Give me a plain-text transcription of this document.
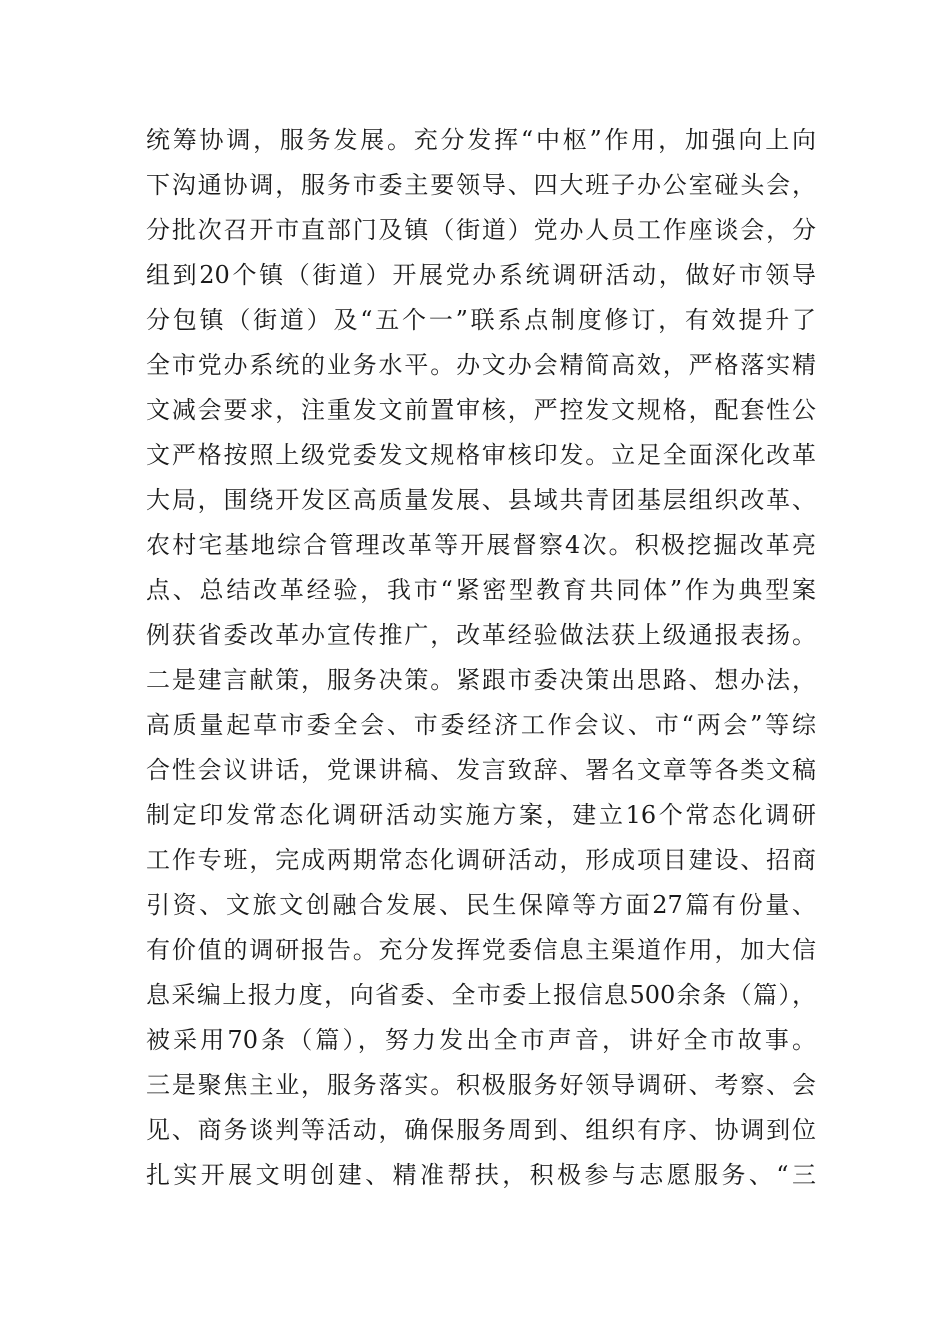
统筹协调，服务发展。充分发挥“中枢”作用，加强向上向
下沟通协调，服务市委主要领导、四大班子办公室碰头会，
分批次召开市直部门及镇（街道）党办人员工作座谈会，分
组到20个镇（街道）开展党办系统调研活动，做好市领导
分包镇（街道）及“五个一”联系点制度修订，有效提升了
全市党办系统的业务水平。办文办会精简高效，严格落实精
文减会要求，注重发文前置审核，严控发文规格，配套性公
文严格按照上级党委发文规格审核印发。立足全面深化改革
大局，围绕开发区高质量发展、县域共青团基层组织改革、
农村宅基地综合管理改革等开展督察4次。积极挖掘改革亮
点、总结改革经验，我市“紧密型教育共同体”作为典型案
例获省委改革办宣传推广，改革经验做法获上级通报表扬。
二是建言献策，服务决策。紧跟市委决策出思路、想办法，
高质量起草市委全会、市委经济工作会议、市“两会”等综
合性会议讲话，党课讲稿、发言致辞、署名文章等各类文稿
制定印发常态化调研活动实施方案，建立16个常态化调研
工作专班，完成两期常态化调研活动，形成项目建设、招商
引资、文旅文创融合发展、民生保障等方面27篇有份量、
有价值的调研报告。充分发挥党委信息主渠道作用，加大信
息采编上报力度，向省委、全市委上报信息500余条（篇），
被采用70条（篇），努力发出全市声音，讲好全市故事。
三是聚焦主业，服务落实。积极服务好领导调研、考察、会
见、商务谈判等活动，确保服务周到、组织有序、协调到位
扎实开展文明创建、精准帮扶，积极参与志愿服务、“三
